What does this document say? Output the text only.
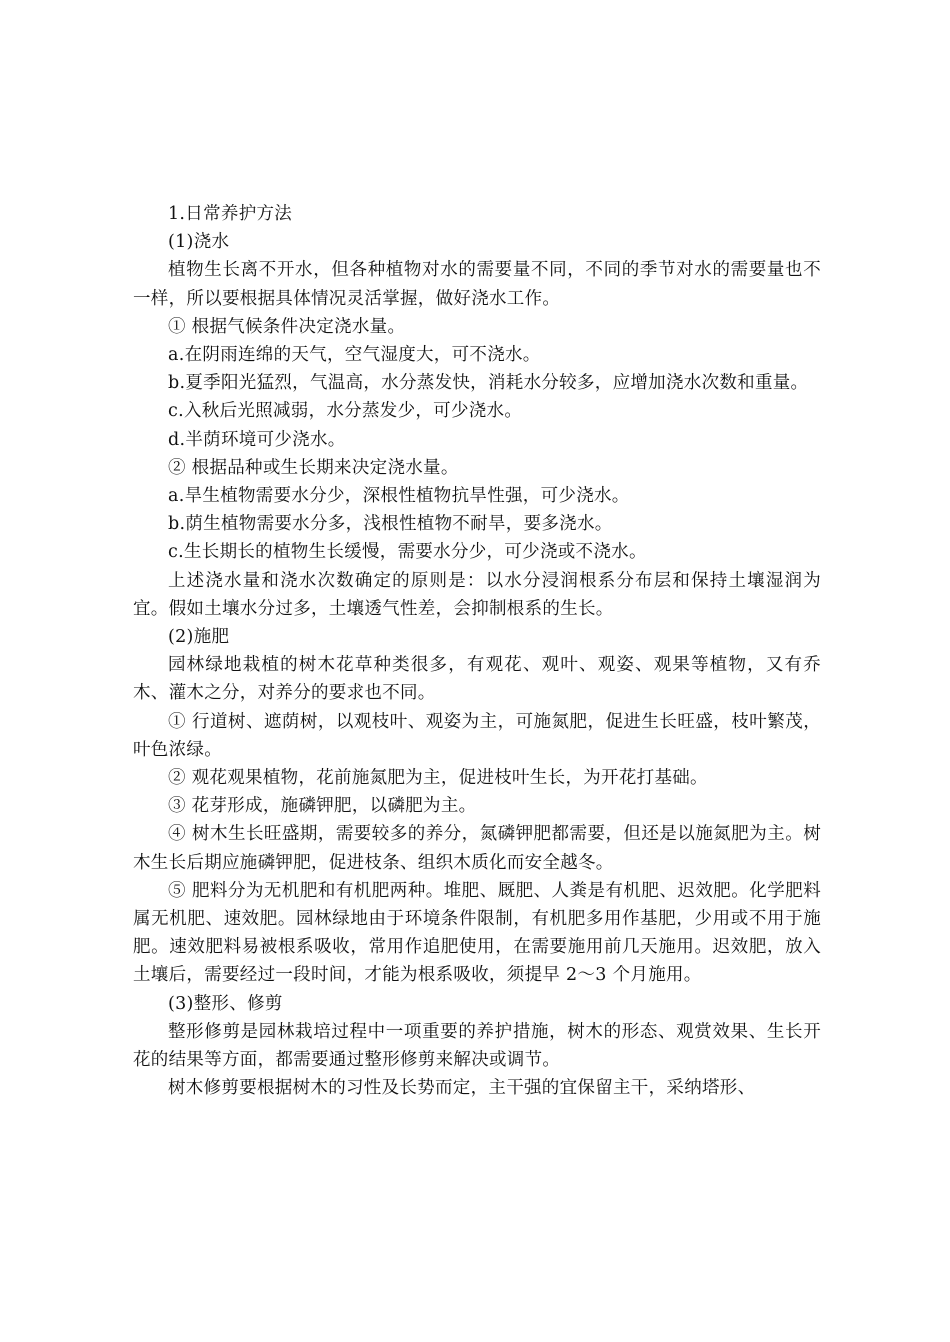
1.日常养护方法

(1)浇水

植物生长离不开水，但各种植物对水的需要量不同，不同的季节对水的需要量也不一样，所以要根据具体情况灵活掌握，做好浇水工作。

① 根据气候条件决定浇水量。

a.在阴雨连绵的天气，空气湿度大，可不浇水。

b.夏季阳光猛烈，气温高，水分蒸发快，消耗水分较多，应增加浇水次数和重量。

c.入秋后光照减弱，水分蒸发少，可少浇水。

d.半荫环境可少浇水。

② 根据品种或生长期来决定浇水量。

a.旱生植物需要水分少，深根性植物抗旱性强，可少浇水。

b.荫生植物需要水分多，浅根性植物不耐旱，要多浇水。

c.生长期长的植物生长缓慢，需要水分少，可少浇或不浇水。

上述浇水量和浇水次数确定的原则是：以水分浸润根系分布层和保持土壤湿润为宜。假如土壤水分过多，土壤透气性差，会抑制根系的生长。

(2)施肥

园林绿地栽植的树木花草种类很多，有观花、观叶、观姿、观果等植物，又有乔木、灌木之分，对养分的要求也不同。

① 行道树、遮荫树，以观枝叶、观姿为主，可施氮肥，促进生长旺盛，枝叶繁茂，叶色浓绿。

② 观花观果植物，花前施氮肥为主，促进枝叶生长，为开花打基础。

③ 花芽形成，施磷钾肥，以磷肥为主。

④ 树木生长旺盛期，需要较多的养分，氮磷钾肥都需要，但还是以施氮肥为主。树木生长后期应施磷钾肥，促进枝条、组织木质化而安全越冬。

⑤ 肥料分为无机肥和有机肥两种。堆肥、厩肥、人粪是有机肥、迟效肥。化学肥料属无机肥、速效肥。园林绿地由于环境条件限制，有机肥多用作基肥，少用或不用于施肥。速效肥料易被根系吸收，常用作追肥使用，在需要施用前几天施用。迟效肥，放入土壤后，需要经过一段时间，才能为根系吸收，须提早 2～3 个月施用。

(3)整形、修剪

整形修剪是园林栽培过程中一项重要的养护措施，树木的形态、观赏效果、生长开花的结果等方面，都需要通过整形修剪来解决或调节。

树木修剪要根据树木的习性及长势而定，主干强的宜保留主干，采纳塔形、
